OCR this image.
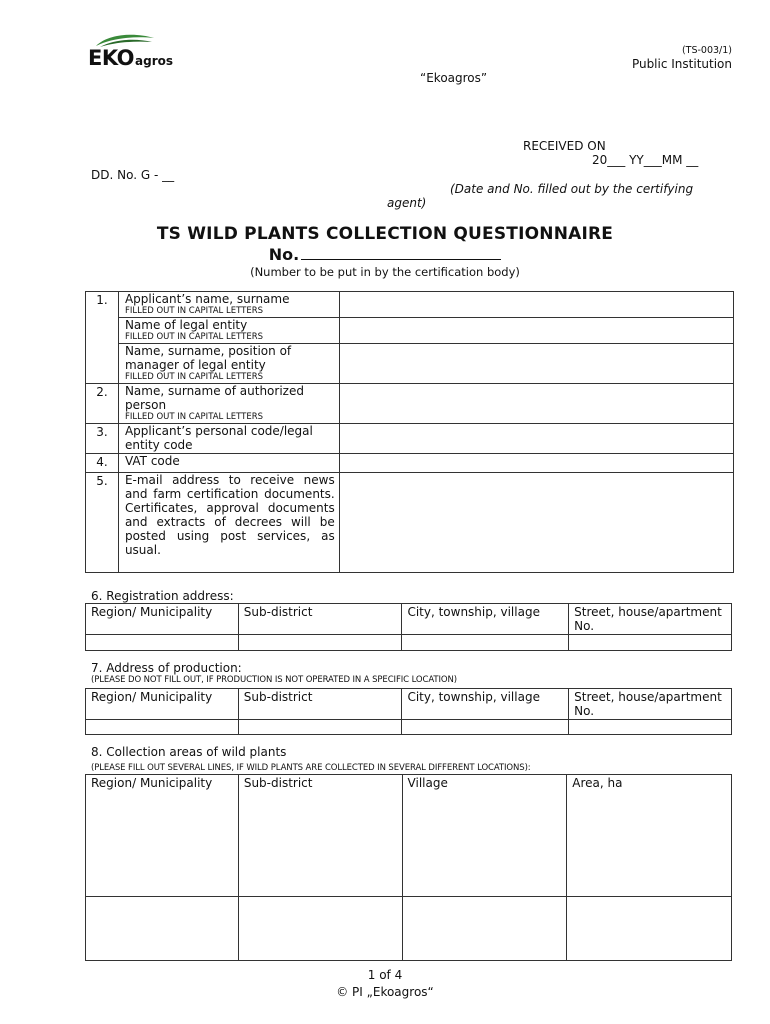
EKOagros
(TS-003/1)
Public Institution
“Ekoagros”
RECEIVED ON
20___ YY___MM __
DD. No. G - __
(Date and No. filled out by the certifying
agent)
TS WILD PLANTS COLLECTION QUESTIONNAIRE
No.
(Number to be put in by the certification body)
1.	Applicant’s name, surname
FILLED OUT IN CAPITAL LETTERS	

	Name of legal entity
FILLED OUT IN CAPITAL LETTERS	

	Name, surname, position of manager of legal entity
FILLED OUT IN CAPITAL LETTERS	

2.	Name, surname of authorized person
FILLED OUT IN CAPITAL LETTERS	

3.	Applicant’s personal code/legal entity code	
4.	VAT code	
5.	E-mail address to receive news and farm certification documents. Certificates, approval documents and extracts of decrees will be posted using post services, as usual.	
6. Registration address:
Region/ Municipality	Sub-district	City, township, village	Street, house/apartment No.

7. Address of production:
(PLEASE DO NOT FILL OUT, IF PRODUCTION IS NOT OPERATED IN A SPECIFIC LOCATION)
Region/ Municipality	Sub-district	City, township, village	Street, house/apartment No.

8. Collection areas of wild plants
(PLEASE FILL OUT SEVERAL LINES, IF WILD PLANTS ARE COLLECTED IN SEVERAL DIFFERENT LOCATIONS):
Region/ Municipality	Sub-district	Village	Area, ha

1 of 4
© PI „Ekoagros“
